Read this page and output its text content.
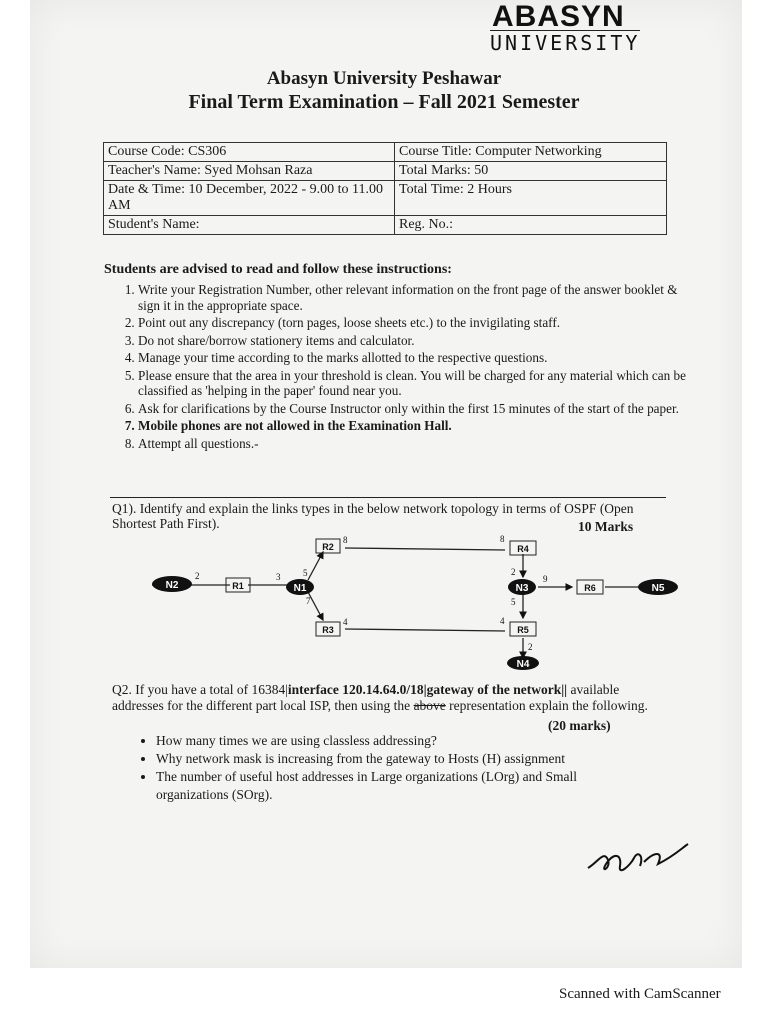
ABASYN
UNIVERSITY
Abasyn University Peshawar
Final Term Examination – Fall 2021 Semester
Course Code: CS306	Course Title: Computer Networking
Teacher's Name: Syed Mohsan Raza	Total Marks: 50
Date & Time: 10 December, 2022 - 9.00 to 11.00 AM	Total Time: 2 Hours
Student's Name:	Reg. No.:
Students are advised to read and follow these instructions:
1. Write your Registration Number, other relevant information on the front page of the answer booklet & sign it in the appropriate space.
2. Point out any discrepancy (torn pages, loose sheets etc.) to the invigilating staff.
3. Do not share/borrow stationery items and calculator.
4. Manage your time according to the marks allotted to the respective questions.
5. Please ensure that the area in your threshold is clean. You will be charged for any material which can be classified as 'helping in the paper' found near you.
6. Ask for clarifications by the Course Instructor only within the first 15 minutes of the start of the paper.
7. Mobile phones are not allowed in the Examination Hall.
8. Attempt all questions.-
Q1). Identify and explain the links types in the below network topology in terms of OSPF (Open Shortest Path First).	10 Marks
N2	N1	N3
N4
N5
R2
R1
R3
R4
R5
R6
2	3	5
8
7
4
8
2
9
5
4
2
Q2. If you have a total of 16384|interface 120.14.64.0/18|gateway of the network|| available addresses for the different part local ISP, then using the above representation explain the following.
(20 marks)
• How many times we are using classless addressing?
• Why network mask is increasing from the gateway to Hosts (H) assignment
• The number of useful host addresses in Large organizations (LOrg) and Small organizations (SOrg).
Scanned with CamScanner
